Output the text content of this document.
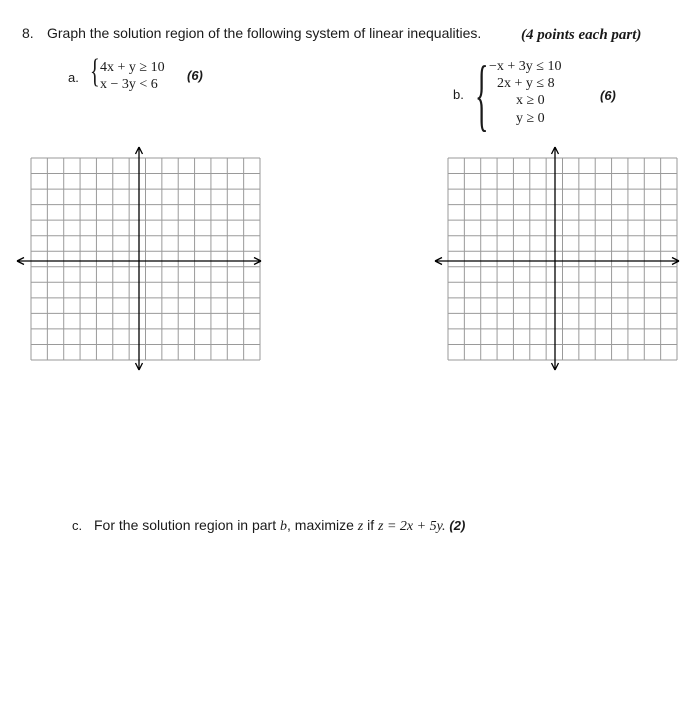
8. Graph the solution region of the following system of linear inequalities.	(4 points each part)
a. { 4x + y ≥ 10
x − 3y < 6
(6)
b. { −x + 3y ≤ 10
2x + y ≤ 8
x ≥ 0
y ≥ 0
(6)
c. For the solution region in part b, maximize z if z = 2x + 5y. (2)
